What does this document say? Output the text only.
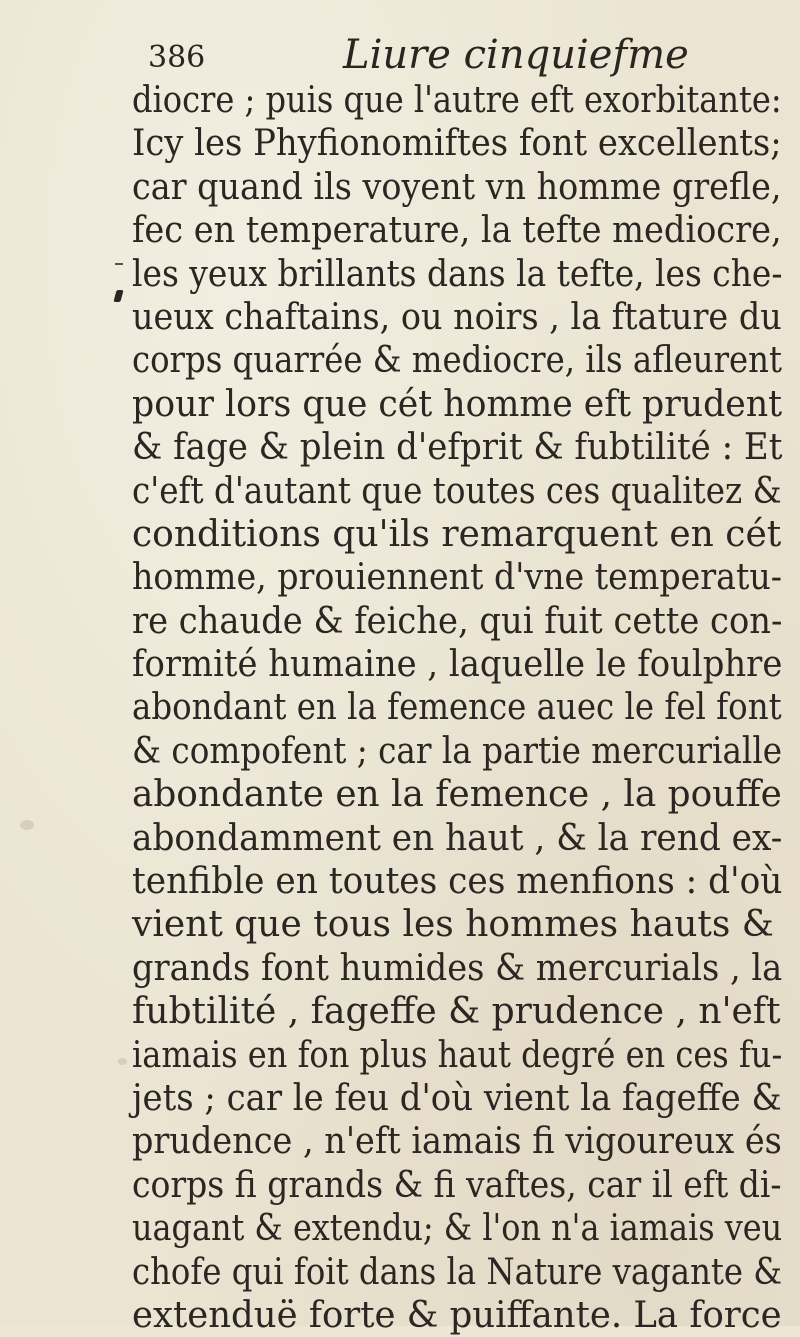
386	Liure cinquiefme
diocre ; puis que l'autre eft exorbitante:
Icy les Phyfionomiftes font excellents;
car quand ils voyent vn homme grefle,
fec en temperature, la tefte mediocre,
les yeux brillants dans la tefte, les che-
ueux chaftains, ou noirs , la ftature du
corps quarrée & mediocre, ils afleurent
pour lors que cét homme eft prudent
& fage & plein d'efprit & fubtilité : Et
c'eft d'autant que toutes ces qualitez &
conditions qu'ils remarquent en cét
homme, prouiennent d'vne temperatu-
re chaude & feiche, qui fuit cette con-
formité humaine , laquelle le foulphre
abondant en la femence auec le fel font
& compofent ; car la partie mercurialle
abondante en la femence , la pouffe
abondamment en haut , & la rend ex-
tenfible en toutes ces menfions : d'où
vient que tous les hommes hauts &
grands font humides & mercurials , la
fubtilité , fageffe & prudence , n'eft
iamais en fon plus haut degré en ces fu-
jets ; car le feu d'où vient la fageffe &
prudence , n'eft iamais fi vigoureux és
corps fi grands & fi vaftes, car il eft di-
uagant & extendu; & l'on n'a iamais veu
chofe qui foit dans la Nature vagante &
extenduë forte & puiffante. La force
